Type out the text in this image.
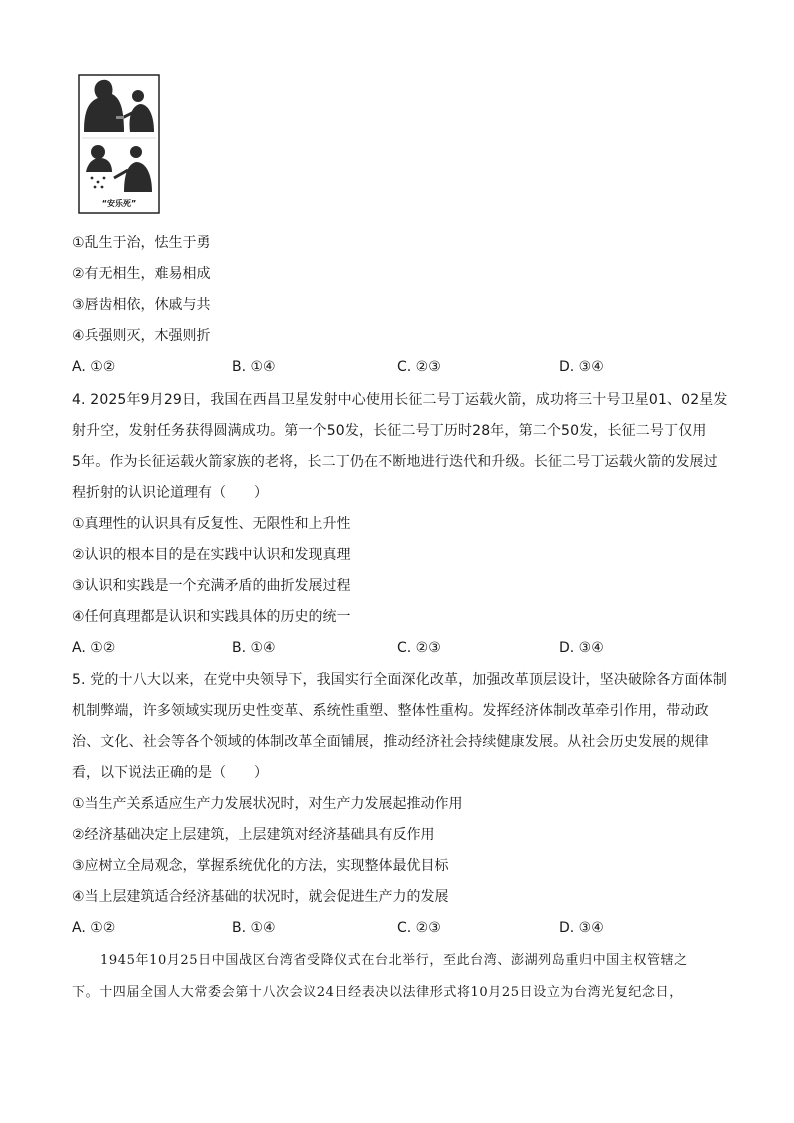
“安乐死”
①乱生于治，怯生于勇
②有无相生，难易相成
③唇齿相依，休戚与共
④兵强则灭，木强则折
A. ①②	B. ①④	C. ②③	D. ③④
4. 2025年9月29日，我国在西昌卫星发射中心使用长征二号丁运载火箭，成功将三十号卫星01、02星发
射升空，发射任务获得圆满成功。第一个50发，长征二号丁历时28年，第二个50发，长征二号丁仅用
5年。作为长征运载火箭家族的老将，长二丁仍在不断地进行迭代和升级。长征二号丁运载火箭的发展过
程折射的认识论道理有（　　）
①真理性的认识具有反复性、无限性和上升性
②认识的根本目的是在实践中认识和发现真理
③认识和实践是一个充满矛盾的曲折发展过程
④任何真理都是认识和实践具体的历史的统一
A. ①②	B. ①④	C. ②③	D. ③④
5. 党的十八大以来，在党中央领导下，我国实行全面深化改革，加强改革顶层设计，坚决破除各方面体制
机制弊端，许多领域实现历史性变革、系统性重塑、整体性重构。发挥经济体制改革牵引作用，带动政
治、文化、社会等各个领域的体制改革全面铺展，推动经济社会持续健康发展。从社会历史发展的规律
看，以下说法正确的是（　　）
①当生产关系适应生产力发展状况时，对生产力发展起推动作用
②经济基础决定上层建筑，上层建筑对经济基础具有反作用
③应树立全局观念，掌握系统优化的方法，实现整体最优目标
④当上层建筑适合经济基础的状况时，就会促进生产力的发展
A. ①②	B. ①④	C. ②③	D. ③④
1945年10月25日中国战区台湾省受降仪式在台北举行，至此台湾、澎湖列岛重归中国主权管辖之
下。十四届全国人大常委会第十八次会议24日经表决以法律形式将10月25日设立为台湾光复纪念日，
